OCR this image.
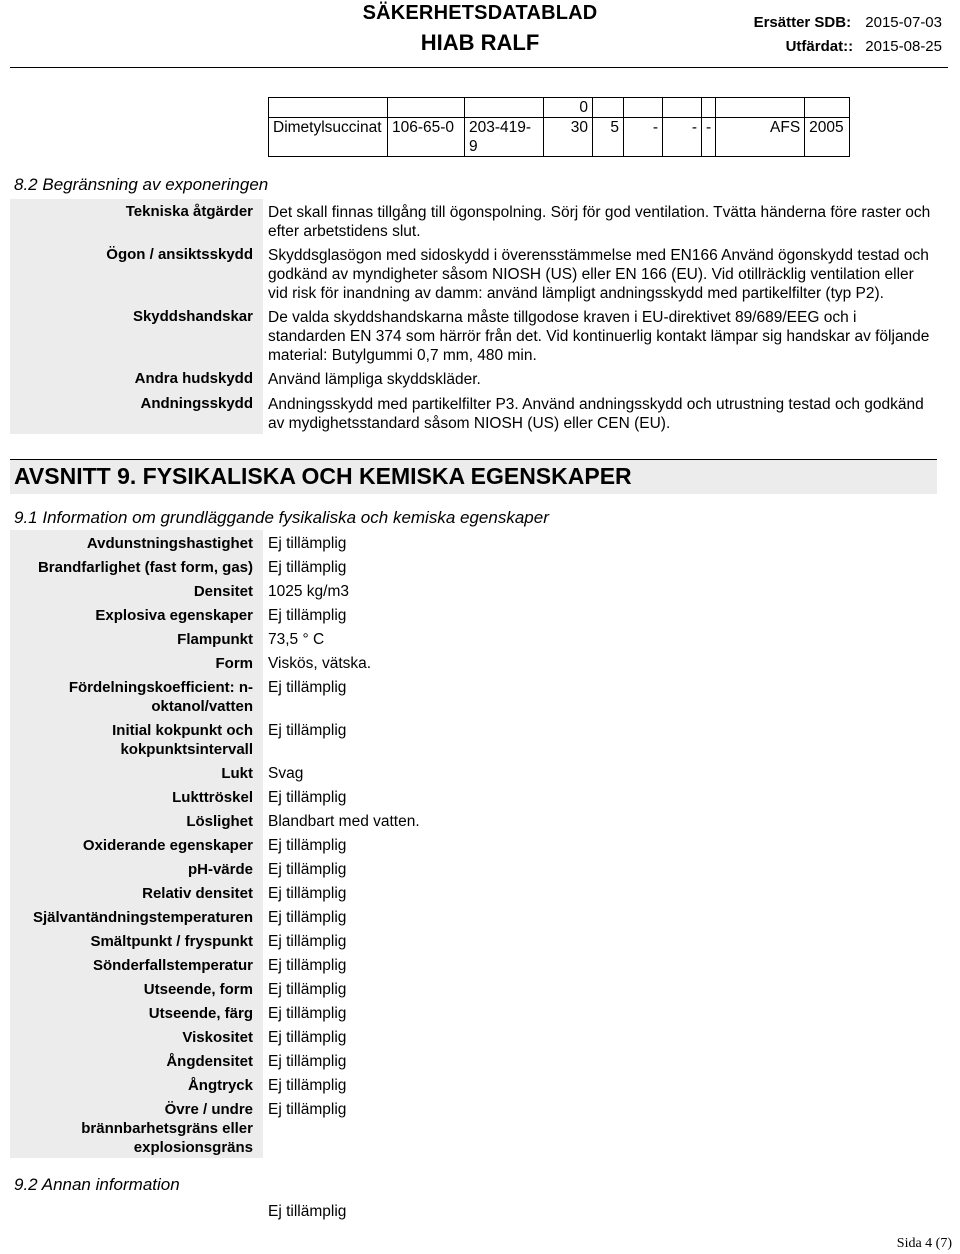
SÄKERHETSDATABLAD
HIAB RALF
Ersätter SDB: 2015-07-03
Utfärdat:: 2015-08-25
			0						
Dimetylsuccinat	106-65-0	203-419-9	30	5	-	-	-	AFS	2005
8.2 Begränsning av exponeringen
Tekniska åtgärder Det skall finnas tillgång till ögonspolning. Sörj för god ventilation. Tvätta händerna före raster och efter arbetstidens slut.
Ögon / ansiktsskydd Skyddsglasögon med sidoskydd i överensstämmelse med EN166 Använd ögonskydd testad och godkänd av myndigheter såsom NIOSH (US) eller EN 166 (EU). Vid otillräcklig ventilation eller vid risk för inandning av damm: använd lämpligt andningsskydd med partikelfilter (typ P2).
Skyddshandskar De valda skyddshandskarna måste tillgodose kraven i EU-direktivet 89/689/EEG och i standarden EN 374 som härrör från det. Vid kontinuerlig kontakt lämpar sig handskar av följande material: Butylgummi 0,7 mm, 480 min.
Andra hudskydd Använd lämpliga skyddskläder.
Andningsskydd Andningsskydd med partikelfilter P3. Använd andningsskydd och utrustning testad och godkänd av mydighetsstandard såsom NIOSH (US) eller CEN (EU).
AVSNITT 9. FYSIKALISKA OCH KEMISKA EGENSKAPER
9.1 Information om grundläggande fysikaliska och kemiska egenskaper
Avdunstningshastighet Ej tillämplig
Brandfarlighet (fast form, gas) Ej tillämplig
Densitet 1025 kg/m3
Explosiva egenskaper Ej tillämplig
Flampunkt 73,5 ° C
Form Viskös, vätska.
Fördelningskoefficient: n-oktanol/vatten
Ej tillämplig
Initial kokpunkt och kokpunktsintervall
Ej tillämplig
Lukt Svag
Lukttröskel Ej tillämplig
Löslighet Blandbart med vatten.
Oxiderande egenskaper Ej tillämplig
pH-värde Ej tillämplig
Relativ densitet Ej tillämplig
Självantändningstemperaturen Ej tillämplig
Smältpunkt / fryspunkt Ej tillämplig
Sönderfallstemperatur Ej tillämplig
Utseende, form Ej tillämplig
Utseende, färg Ej tillämplig
Viskositet Ej tillämplig
Ångdensitet Ej tillämplig
Ångtryck Ej tillämplig
Övre / undre brännbarhetsgräns eller explosionsgräns
Ej tillämplig
9.2 Annan information
Ej tillämplig
Sida 4 (7)
